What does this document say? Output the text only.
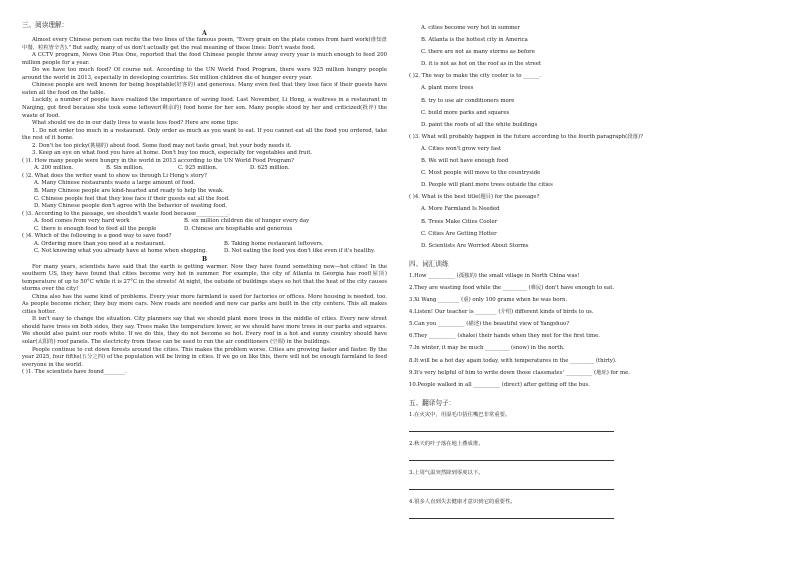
三、阅读理解：

A

Almost every Chinese person can recite the two lines of the famous poem, "Every grain on the plate comes from hard work(谁知盘中餐，粒粒皆辛苦)." But sadly, many of us don't actually get the real meaning of these lines: Don't waste food.

A CCTV program, News One Plus One, reported that the food Chinese people throw away every year is much enough to feed 200 million people for a year.

Do we have too much food? Of course not. According to the UN World Food Program, there were 925 million hungry people around the world in 2013, especially in developing countries. Six million children die of hunger every year.

Chinese people are well known for being hospitable(好客的) and generous. Many even feel that they lose face if their guests have eaten all the food on the table.

Luckily, a number of people have realized the importance of saving food. Last November, Li Hong, a waitress in a restaurant in Nanjing, got fired because she took some leftover(剩余的) food home for her son. Many people stood by her and criticized(批评) the waste of food.

What should we do in our daily lives to waste less food? Here are some tips:

1. Do not order too much in a restaurant. Only order as much as you want to eat. If you cannot eat all the food you ordered, take the rest of it home.

2. Don't be too picky(挑剔的) about food. Some food may not taste great, but your body needs it.

3. Keep an eye on what food you have at home. Don't buy too much, especially for vegetables and fruit.

( )1. How many people were hungry in the world in 2013 according to the UN World Food Program?

A. 200 million.	B. Six million.	C. 925 million.	D. 625 million.

( )2. What does the writer want to show us through Li Hong's story?

A. Many Chinese restaurants waste a large amount of food.

B. Many Chinese people are kind-hearted and ready to help the weak.

C. Chinese people feel that they lose face if their guests eat all the food.

D. Many Chinese people don't agree with the behavior of wasting food.

( )3. According to the passage, we shouldn't waste food because____________.

A. food comes from very hard work	B. six million children die of hunger every day
C. there is enough food to feed all the people	D. Chinese are hospitable and generous

( )4. Which of the following is a good way to save food?

A. Ordering more than you need at a restaurant.	B. Taking home restaurant leftovers.
C. Not knowing what you already have at home when shopping.	D. Not eating the food you don't like even if it's healthy.

B

For many years, scientists have said that the earth is getting warmer. Now they have found something new—hot cities! In the southern US, they have found that cities become very hot in summer. For example, the city of Atlanta in Georgia has roof(屋顶) temperature of up to 50°C while it is 27°C in the streets! At night, the outside of buildings stays so hot that the heat of the city causes storms over the city!

China also has the same kind of problems. Every year more farmland is used for factories or offices. More housing is needed, too. As people become richer, they buy more cars. New roads are needed and new car parks are built in the city centers. This all makes cities hotter.

It isn't easy to change the situation. City planners say that we should plant more trees in the middle of cities. Every new street should have trees on both sides, they say. Trees make the temperature lower, so we should have more trees in our parks and squares. We should also paint our roofs white. If we do this, they do not become so hot. Every roof in a hot and sunny country should have solar(太阳的) roof panels. The electricity from these can be used to run the air conditioners (空调) in the buildings.

People continue to cut down forests around the cities. This makes the problem worse. Cities are growing faster and faster. By the year 2025, four fifths(五分之四) of the population will be living in cities. If we go on like this, there will not be enough farmland to feed everyone in the world.

( )1. The scientists have found________.

A. cities become very hot in summer

B. Atlanta is the hottest city in America

C. there are not as many storms as before

D. it is not as hot on the roof as in the street

( )2. The way to make the city cooler is to ______.

A. plant more trees

B. try to use air conditioners more

C. build more parks and squares

D. paint the roofs of all the white buildings

( )3. What will probably happen in the future according to the fourth paragraph(段落)?

A. Cities won't grow very fast

B. We will not have enough food

C. Most people will move to the countryside

D. People will plant more trees outside the cities

( )4. What is the best title(题目) for the passage?

A. More Farmland Is Needed

B. Trees Make Cities Cooler

C. Cities Are Getting Hotter

D. Scientists Are Worried About Storms

四、词汇训练

1.How __________ (孤独的) the small village in North China was!

2.They are wasting food while the _________ (难民) don't have enough to eat.

3.Xi Wang ________ (重) only 100 grams when he was born.

4.Listen! Our teacher is ________ (介绍) different kinds of birds to us.

5.Can you __________ (描述) the beautiful view of Yangshuo?

6.They __________ (shake) their hands when they met for the first time.

7.In winter, it may be much _________ (snow) in the north.

8.It will be a hot day again today, with temperatures in the _________ (thirty).

9.It's very helpful of him to write down those classmates' __________ (地址) for me.

10.People walked in all __________ (direct) after getting off the bus.

五、翻译句子：

1.在火灾中，用湿毛巾捂住嘴巴非常重要。

2.秋天的叶子落在地上叠成堆。

3.上周气温突然降到零度以下。

4.很多人直到失去健康才意识到它的重要性。
